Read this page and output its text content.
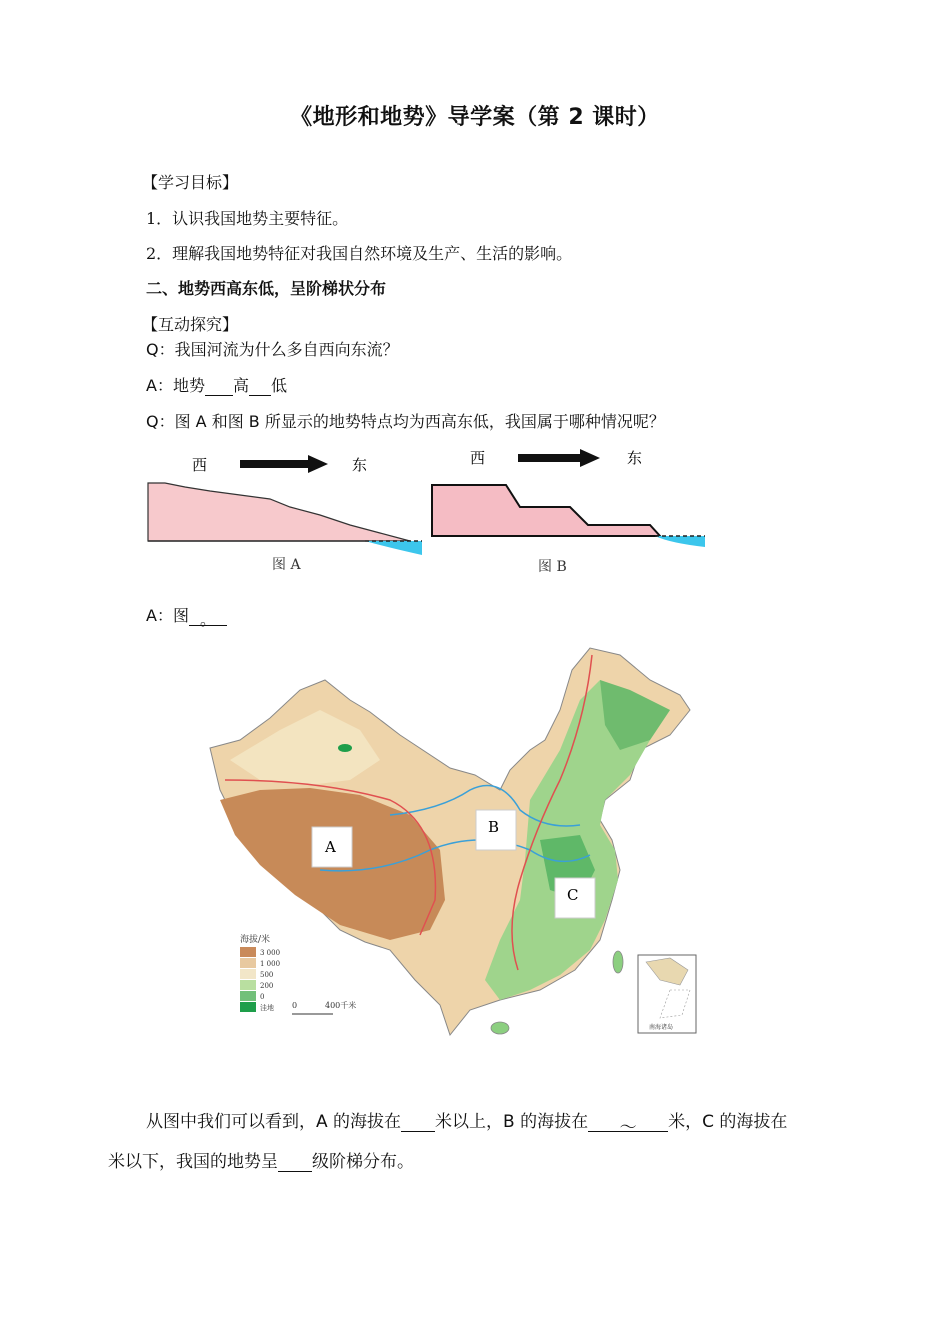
《地形和地势》导学案（第 2 课时）
【学习目标】
1．认识我国地势主要特征。
2．理解我国地势特征对我国自然环境及生产、生活的影响。
二、地势西高东低，呈阶梯状分布
【互动探究】
Q：我国河流为什么多自西向东流？
A：地势 高 低
Q：图 A 和图 B 所显示的地势特点均为西高东低，我国属于哪种情况呢？
西	东
图 A
西	东
图 B
A：图 。
A
B
C
海拔/米
3 000
1 000
500
200
0
洼地 0	400千米
南海诸岛
从图中我们可以看到，A 的海拔在 米以上，B 的海拔在 ～ 米，C 的海拔在
米以下，我国的地势呈 级阶梯分布。
